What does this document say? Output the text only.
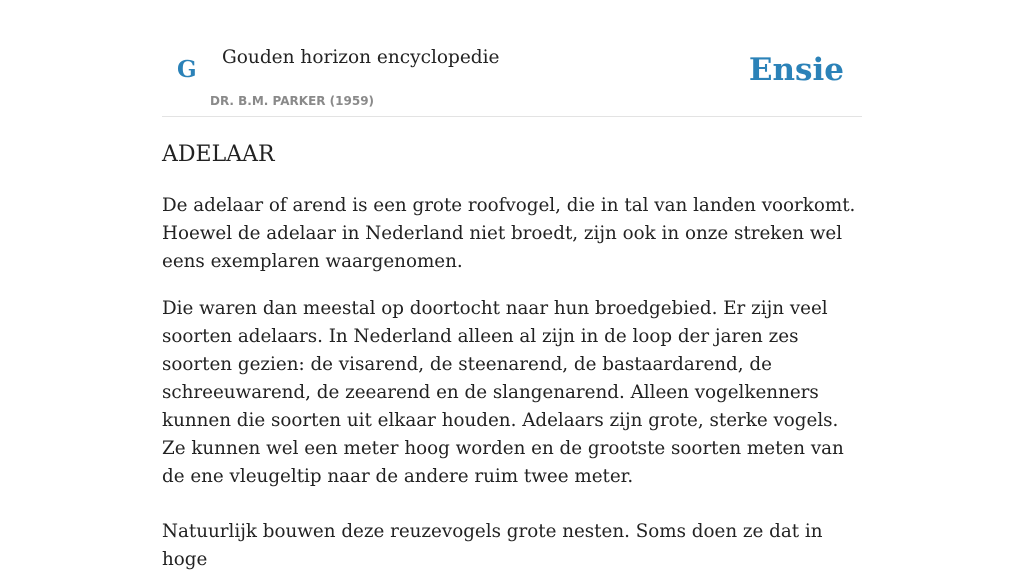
G Gouden horizon encyclopedie
DR. B.M. PARKER (1959)
Ensie
ADELAAR

De adelaar of arend is een grote roofvogel, die in tal van landen voorkomt. Hoewel de adelaar in Nederland niet broedt, zijn ook in onze streken wel eens exemplaren waargenomen.

Die waren dan meestal op doortocht naar hun broedgebied. Er zijn veel soorten adelaars. In Nederland alleen al zijn in de loop der jaren zes soorten gezien: de visarend, de steenarend, de bastaardarend, de schreeuwarend, de zeearend en de slangenarend. Alleen vogelkenners kunnen die soorten uit elkaar houden. Adelaars zijn grote, sterke vogels. Ze kunnen wel een meter hoog worden en de grootste soorten meten van de ene vleugeltip naar de andere ruim twee meter.

Natuurlijk bouwen deze reuzevogels grote nesten. Soms doen ze dat in hoge
